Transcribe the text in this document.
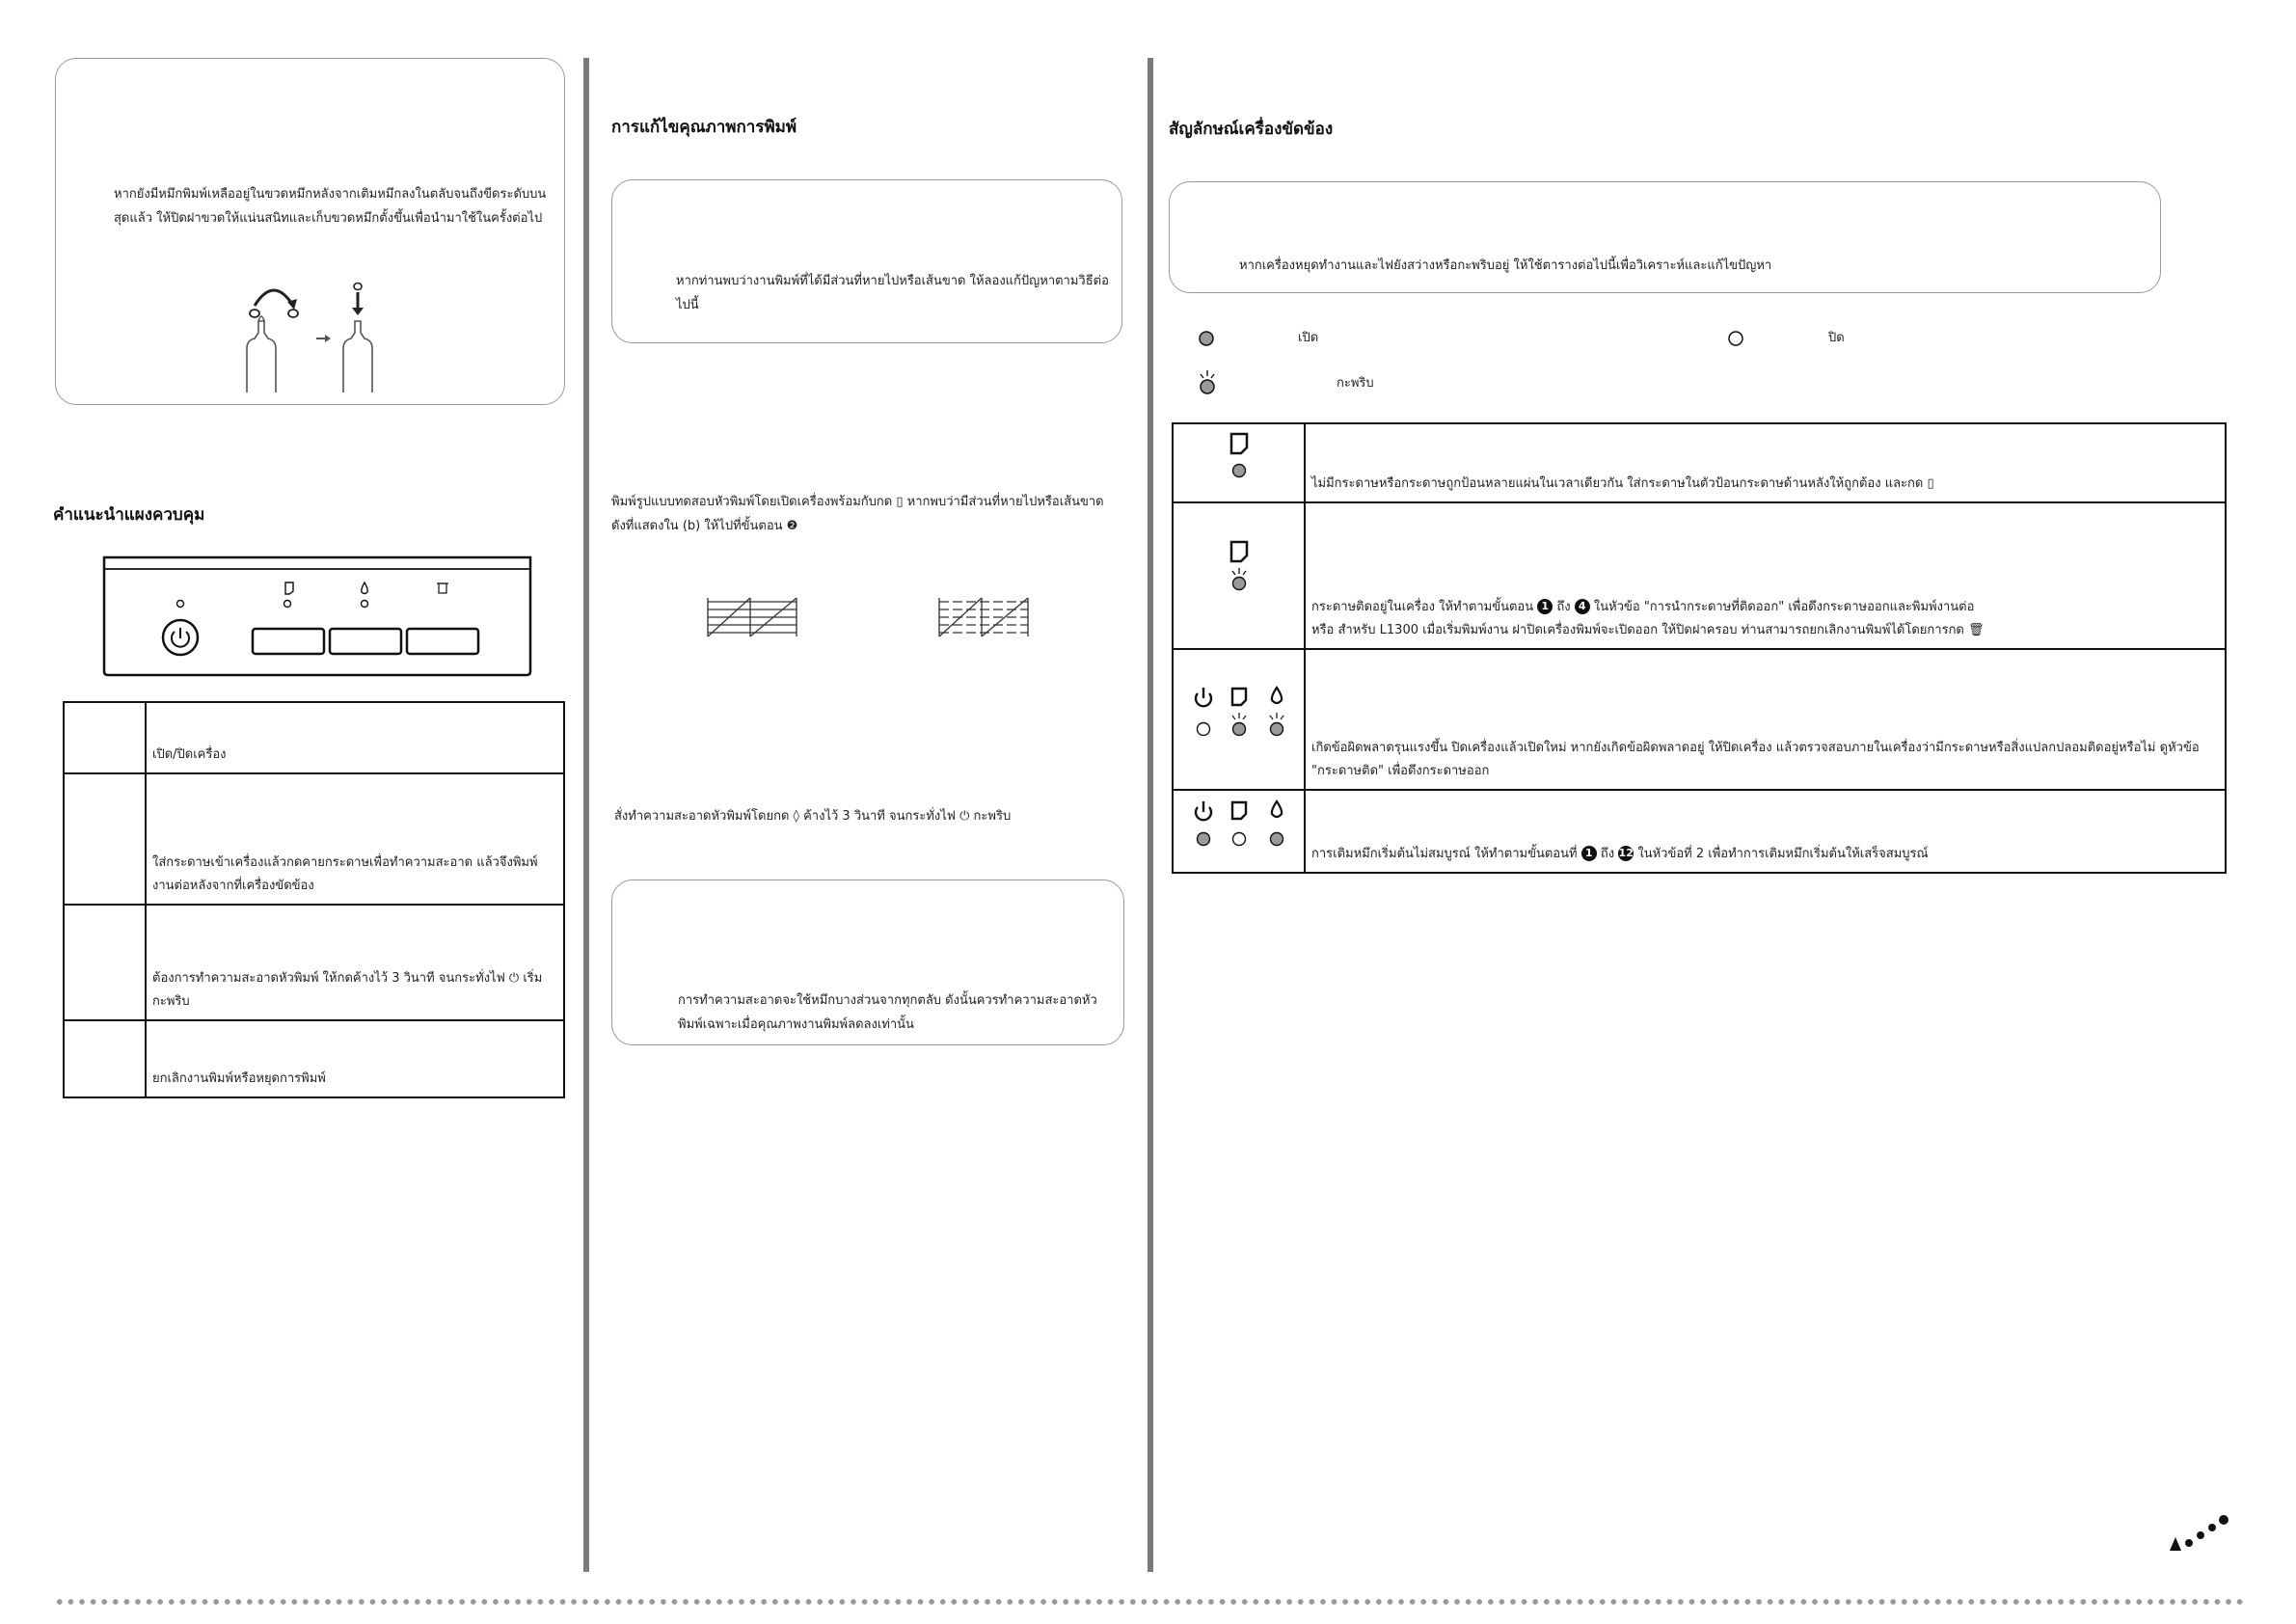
หากยังมีหมึกพิมพ์เหลืออยู่ในขวดหมึกหลังจากเติมหมึกลงในตลับจนถึงขีดระดับบนสุดแล้ว ให้ปิดฝาขวดให้แน่นสนิทและเก็บขวดหมึกตั้งขึ้นเพื่อนำมาใช้ในครั้งต่อไป
คำแนะนำแผงควบคุม
	เปิด/ปิดเครื่อง
	ใส่กระดาษเข้าเครื่องแล้วกดคายกระดาษเพื่อทำความสะอาด แล้วจึงพิมพ์งานต่อหลังจากที่เครื่องขัดข้อง
	ต้องการทำความสะอาดหัวพิมพ์ ให้กดค้างไว้ 3 วินาที จนกระทั่งไฟ ⏻ เริ่มกะพริบ
	ยกเลิกงานพิมพ์หรือหยุดการพิมพ์
การแก้ไขคุณภาพการพิมพ์
หากท่านพบว่างานพิมพ์ที่ได้มีส่วนที่หายไปหรือเส้นขาด ให้ลองแก้ปัญหาตามวิธีต่อไปนี้
พิมพ์รูปแบบทดสอบหัวพิมพ์โดยเปิดเครื่องพร้อมกับกด ▯ หากพบว่ามีส่วนที่หายไปหรือเส้นขาดดังที่แสดงใน (b) ให้ไปที่ขั้นตอน ❷
สั่งทำความสะอาดหัวพิมพ์โดยกด ◊ ค้างไว้ 3 วินาที จนกระทั่งไฟ ⏻ กะพริบ
การทำความสะอาดจะใช้หมึกบางส่วนจากทุกตลับ ดังนั้นควรทำความสะอาดหัวพิมพ์เฉพาะเมื่อคุณภาพงานพิมพ์ลดลงเท่านั้น
สัญลักษณ์เครื่องขัดข้อง
หากเครื่องหยุดทำงานและไฟยังสว่างหรือกะพริบอยู่ ให้ใช้ตารางต่อไปนี้เพื่อวิเคราะห์และแก้ไขปัญหา
เปิด	ปิด
กะพริบ
	ไม่มีกระดาษหรือกระดาษถูกป้อนหลายแผ่นในเวลาเดียวกัน ใส่กระดาษในตัวป้อนกระดาษด้านหลังให้ถูกต้อง และกด ▯
	กระดาษติดอยู่ในเครื่อง ให้ทำตามขั้นตอน 1 ถึง 4 ในหัวข้อ "การนำกระดาษที่ติดออก" เพื่อดึงกระดาษออกและพิมพ์งานต่อ
หรือ สำหรับ L1300 เมื่อเริ่มพิมพ์งาน ฝาปิดเครื่องพิมพ์จะเปิดออก ให้ปิดฝาครอบ ท่านสามารถยกเลิกงานพิมพ์ได้โดยการกด 🗑
	เกิดข้อผิดพลาดรุนแรงขึ้น ปิดเครื่องแล้วเปิดใหม่ หากยังเกิดข้อผิดพลาดอยู่ ให้ปิดเครื่อง แล้วตรวจสอบภายในเครื่องว่ามีกระดาษหรือสิ่งแปลกปลอมติดอยู่หรือไม่ ดูหัวข้อ "กระดาษติด" เพื่อดึงกระดาษออก
	การเติมหมึกเริ่มต้นไม่สมบูรณ์ ให้ทำตามขั้นตอนที่ 1 ถึง 12 ในหัวข้อที่ 2 เพื่อทำการเติมหมึกเริ่มต้นให้เสร็จสมบูรณ์
